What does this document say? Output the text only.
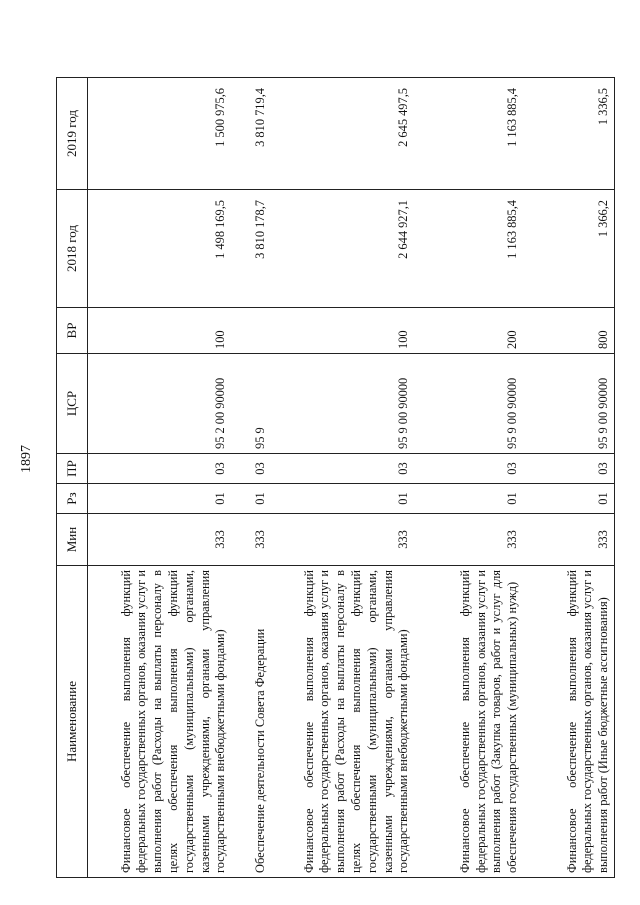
1897
Наименование	Мин	Рз	ПР	ЦСР	ВР	2018 год	2019 год
Финансовое обеспечение выполнения функций федеральных государственных органов, оказания услуг и выполнения работ (Расходы на выплаты персоналу в целях обеспечения выполнения функций государственными (муниципальными) органами, казенными учреждениями, органами управления государственными внебюджетными фондами)	333	01	03	95 2 00 90000	100	1 498 169,5	1 500 975,6
Обеспечение деятельности Совета Федерации	333	01	03	95 9		3 810 178,7	3 810 719,4
Финансовое обеспечение выполнения функций федеральных государственных органов, оказания услуг и выполнения работ (Расходы на выплаты персоналу в целях обеспечения выполнения функций государственными (муниципальными) органами, казенными учреждениями, органами управления государственными внебюджетными фондами)	333	01	03	95 9 00 90000	100	2 644 927,1	2 645 497,5
Финансовое обеспечение выполнения функций федеральных государственных органов, оказания услуг и выполнения работ (Закупка товаров, работ и услуг для обеспечения государственных (муниципальных) нужд)	333	01	03	95 9 00 90000	200	1 163 885,4	1 163 885,4
Финансовое обеспечение выполнения функций федеральных государственных органов, оказания услуг и выполнения работ (Иные бюджетные ассигнования)	333	01	03	95 9 00 90000	800	1 366,2	1 336,5
